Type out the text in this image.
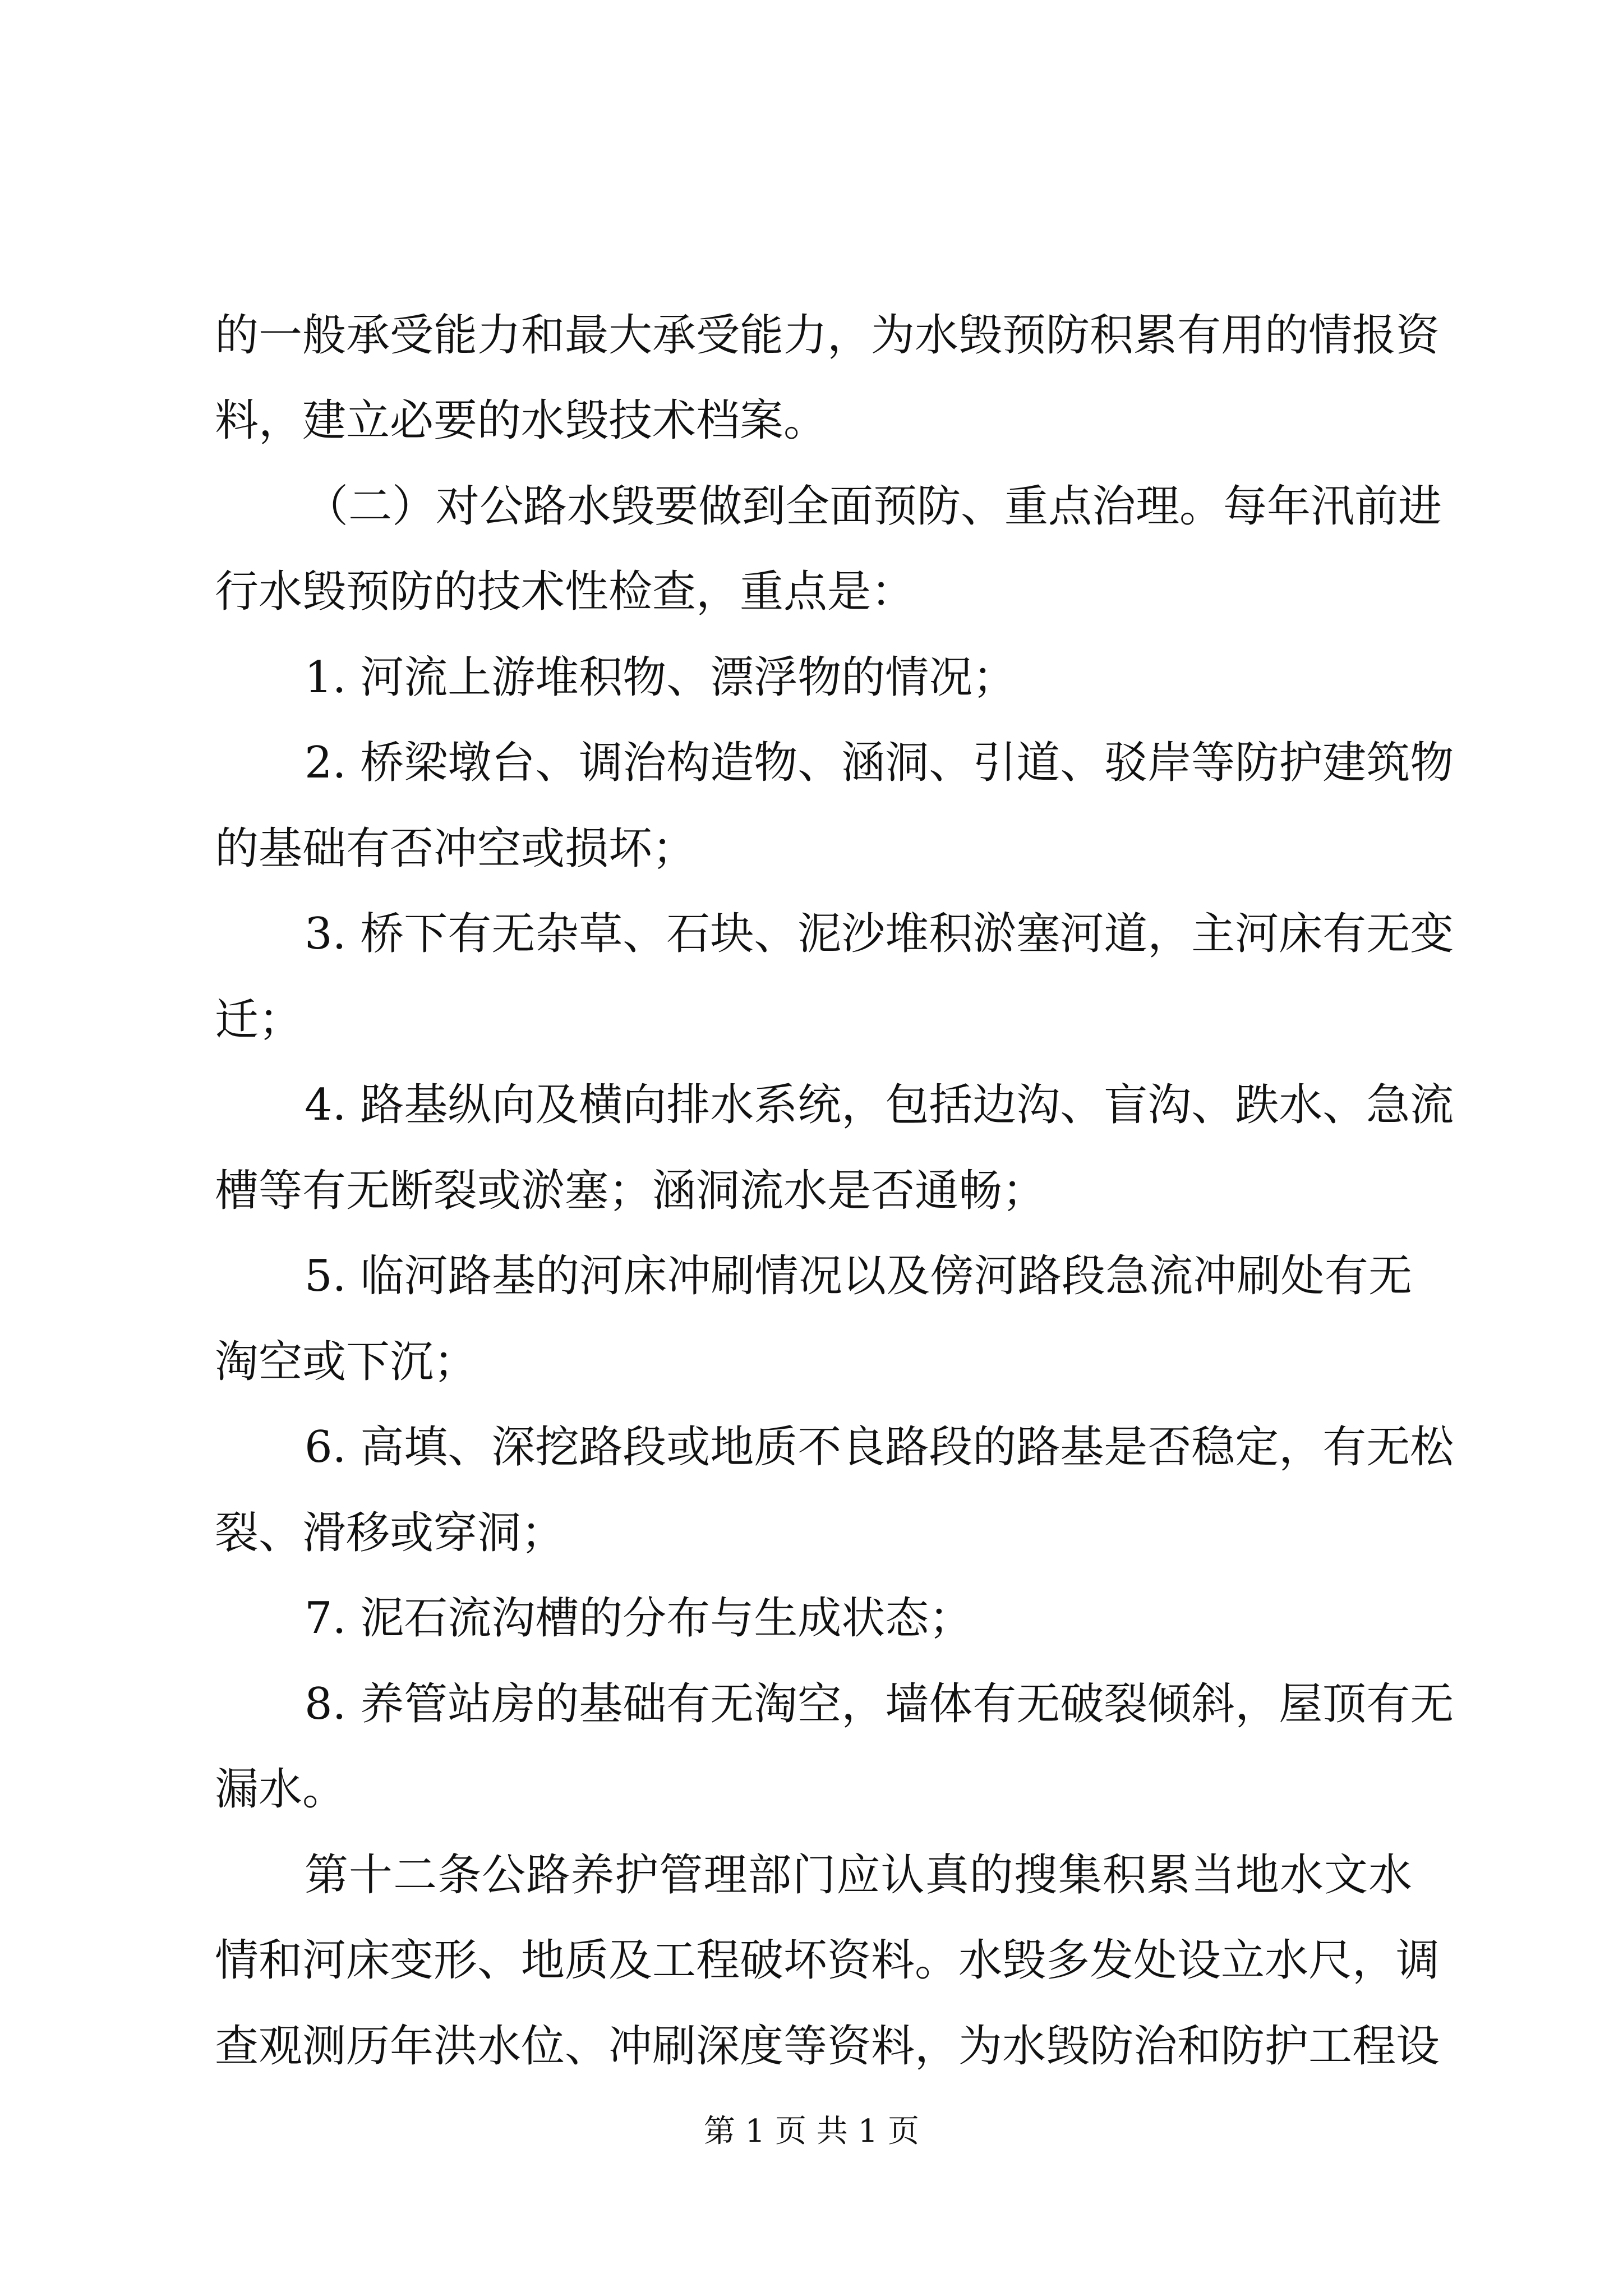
的一般承受能力和最大承受能力，为水毁预防积累有用的情报资
料，建立必要的水毁技术档案。
（二）对公路水毁要做到全面预防、重点治理。每年汛前进
行水毁预防的技术性检查，重点是：
1. 河流上游堆积物、漂浮物的情况；
2. 桥梁墩台、调治构造物、涵洞、引道、驳岸等防护建筑物
的基础有否冲空或损坏；
3. 桥下有无杂草、石块、泥沙堆积淤塞河道，主河床有无变
迁；
4. 路基纵向及横向排水系统，包括边沟、盲沟、跌水、急流
槽等有无断裂或淤塞；涵洞流水是否通畅；
5. 临河路基的河床冲刷情况以及傍河路段急流冲刷处有无
淘空或下沉；
6. 高填、深挖路段或地质不良路段的路基是否稳定，有无松
裂、滑移或穿洞；
7. 泥石流沟槽的分布与生成状态；
8. 养管站房的基础有无淘空，墙体有无破裂倾斜，屋顶有无
漏水。
第十二条公路养护管理部门应认真的搜集积累当地水文水
情和河床变形、地质及工程破坏资料。水毁多发处设立水尺，调
查观测历年洪水位、冲刷深度等资料，为水毁防治和防护工程设
第 1 页 共 1 页
